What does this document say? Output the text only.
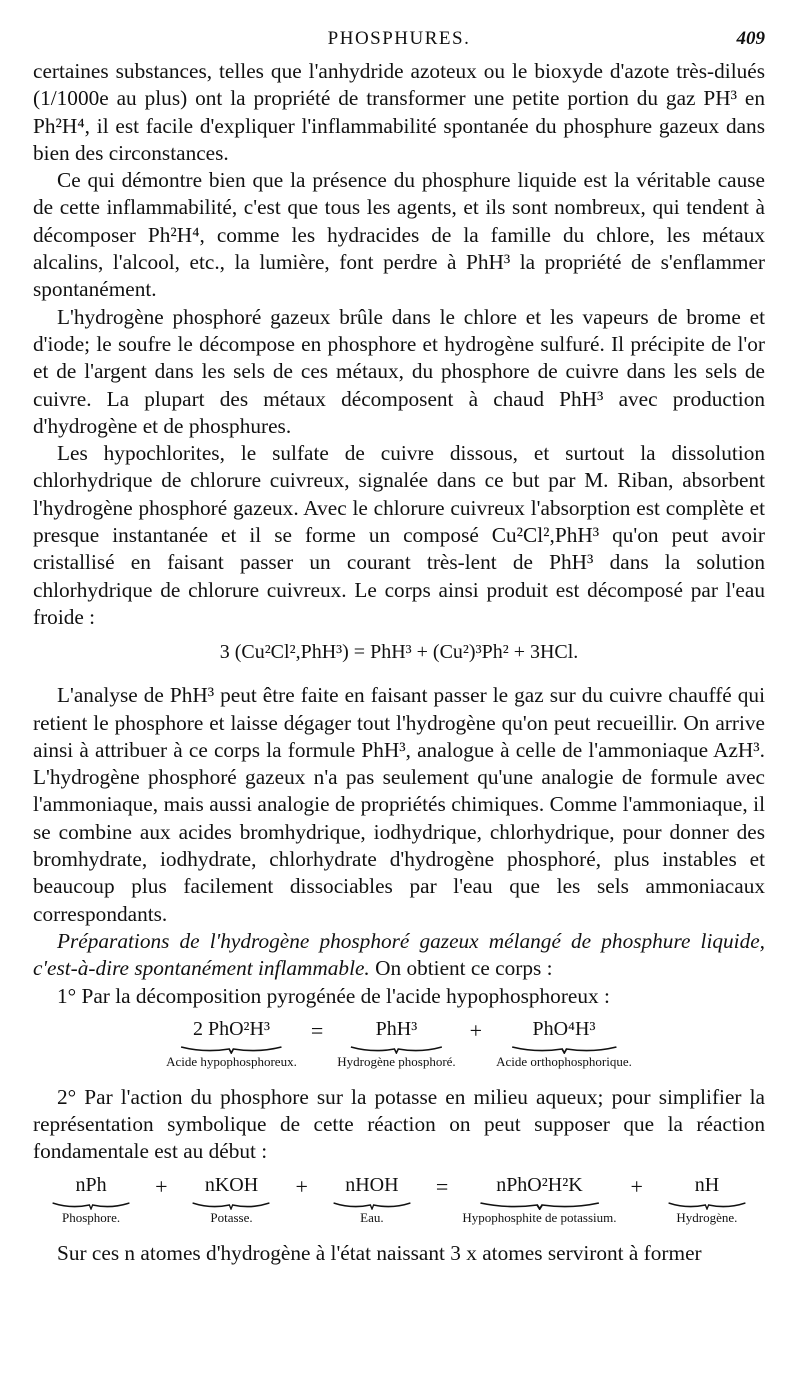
PHOSPHURES.	409

certaines substances, telles que l'anhydride azoteux ou le bioxyde d'azote très-dilués (1/1000e au plus) ont la propriété de transformer une petite portion du gaz PH³ en Ph²H⁴, il est facile d'expliquer l'inflammabilité spontanée du phosphure gazeux dans bien des circonstances.

Ce qui démontre bien que la présence du phosphure liquide est la véritable cause de cette inflammabilité, c'est que tous les agents, et ils sont nombreux, qui tendent à décomposer Ph²H⁴, comme les hydracides de la famille du chlore, les métaux alcalins, l'alcool, etc., la lumière, font perdre à PhH³ la propriété de s'enflammer spontanément.

L'hydrogène phosphoré gazeux brûle dans le chlore et les vapeurs de brome et d'iode; le soufre le décompose en phosphore et hydrogène sulfuré. Il précipite de l'or et de l'argent dans les sels de ces métaux, du phosphore de cuivre dans les sels de cuivre. La plupart des métaux décomposent à chaud PhH³ avec production d'hydrogène et de phosphures.

Les hypochlorites, le sulfate de cuivre dissous, et surtout la dissolution chlorhydrique de chlorure cuivreux, signalée dans ce but par M. Riban, absorbent l'hydrogène phosphoré gazeux. Avec le chlorure cuivreux l'absorption est complète et presque instantanée et il se forme un composé Cu²Cl²,PhH³ qu'on peut avoir cristallisé en faisant passer un courant très-lent de PhH³ dans la solution chlorhydrique de chlorure cuivreux. Le corps ainsi produit est décomposé par l'eau froide :

3 (Cu²Cl²,PhH³) = PhH³ + (Cu²)³Ph² + 3HCl.

L'analyse de PhH³ peut être faite en faisant passer le gaz sur du cuivre chauffé qui retient le phosphore et laisse dégager tout l'hydrogène qu'on peut recueillir. On arrive ainsi à attribuer à ce corps la formule PhH³, analogue à celle de l'ammoniaque AzH³. L'hydrogène phosphoré gazeux n'a pas seulement qu'une analogie de formule avec l'ammoniaque, mais aussi analogie de propriétés chimiques. Comme l'ammoniaque, il se combine aux acides bromhydrique, iodhydrique, chlorhydrique, pour donner des bromhydrate, iodhydrate, chlorhydrate d'hydrogène phosphoré, plus instables et beaucoup plus facilement dissociables par l'eau que les sels ammoniacaux correspondants.

Préparations de l'hydrogène phosphoré gazeux mélangé de phosphure liquide, c'est-à-dire spontanément inflammable. On obtient ce corps :

1° Par la décomposition pyrogénée de l'acide hypophosphoreux :

2 PhO²H³
Acide hypophosphoreux.
=	PhH³
Hydrogène phosphoré.
+	PhO⁴H³
Acide orthophosphorique.

2° Par l'action du phosphore sur la potasse en milieu aqueux; pour simplifier la représentation symbolique de cette réaction on peut supposer que la réaction fondamentale est au début :

nPh
Phosphore.
+	nKOH
Potasse.
+	nHOH
Eau.
=	nPhO²H²K
Hypophosphite de potassium.
+	nH
Hydrogène.

Sur ces n atomes d'hydrogène à l'état naissant 3 x atomes serviront à former
